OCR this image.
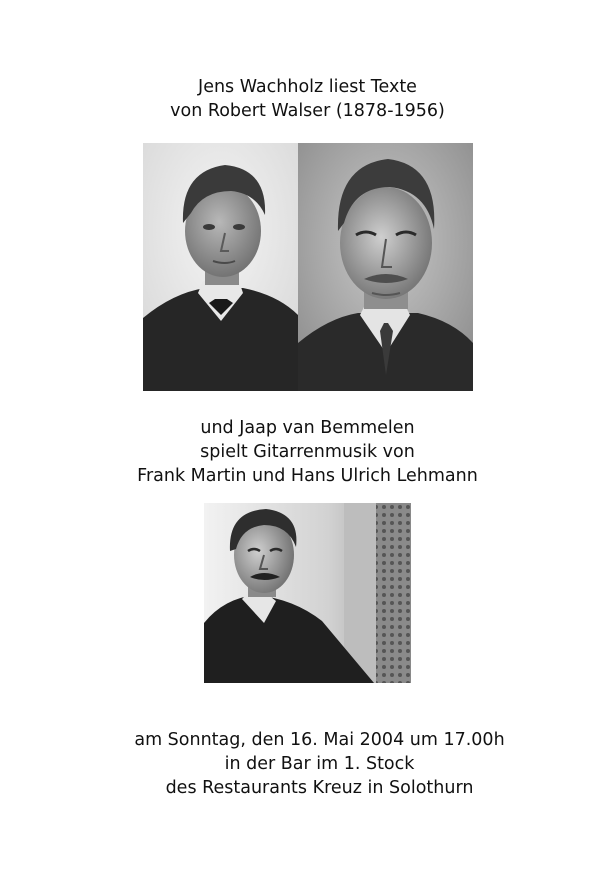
Jens Wachholz liest Texte
von Robert Walser (1878-1956)
und Jaap van Bemmelen
spielt Gitarrenmusik von
Frank Martin und Hans Ulrich Lehmann
am Sonntag, den 16. Mai 2004 um 17.00h
in der Bar im 1. Stock
des Restaurants Kreuz in Solothurn
